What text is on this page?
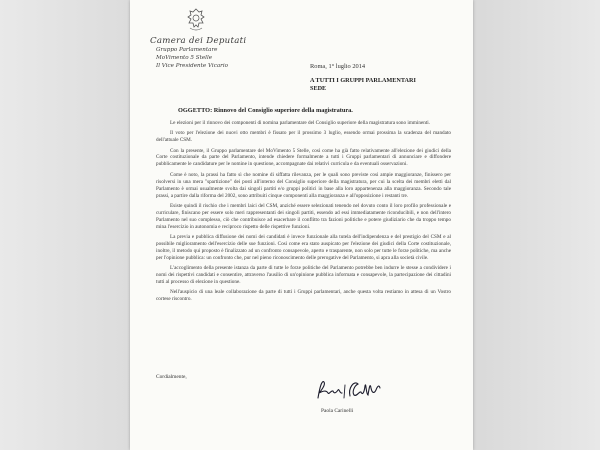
Camera dei Deputati
Gruppo Parlamentare
MoVimento 5 Stelle
Il Vice Presidente Vicario	Roma, 1° luglio 2014
A TUTTI I GRUPPI PARLAMENTARI
SEDE
OGGETTO: Rinnovo del Consiglio superiore della magistratura.

Le elezioni per il rinnovo dei componenti di nomina parlamentare del Consiglio superiore della magistratura sono imminenti.

Il voto per l'elezione dei nuovi otto membri è fissato per il prossimo 3 luglio, essendo ormai prossima la scadenza del mandato dell'attuale CSM.

Con la presente, il Gruppo parlamentare del MoVimento 5 Stelle, così come ha già fatto relativamente all'elezione dei giudici della Corte costituzionale da parte del Parlamento, intende chiedere formalmente a tutti i Gruppi parlamentari di annunciare e diffondere pubblicamente le candidature per le nomine in questione, accompagnate dai relativi curricula e da eventuali osservazioni.

Come è noto, la prassi ha fatto sì che nomine di siffatta rilevanza, per le quali sono previste così ampie maggioranze, finissero per risolversi in una mera "spartizione" dei posti all'interno del Consiglio superiore della magistratura, per cui la scelta dei membri eletti dal Parlamento è ormai usualmente svolta dai singoli partiti e/o gruppi politici in base alla loro appartenenza alla maggioranza. Secondo tale prassi, a partire dalla riforma del 2002, sono attribuiti cinque componenti alla maggioranza e all'opposizione i restanti tre.

Esiste quindi il rischio che i membri laici del CSM, anziché essere selezionati tenendo nel dovuto conto il loro profilo professionale e curriculare, finiscano per essere solo meri rappresentanti dei singoli partiti, essendo ad essi immediatamente riconducibili, e non dell'intero Parlamento nel suo complesso, ciò che contribuisce ad esacerbare il conflitto tra fazioni politiche e potere giudiziario che da troppo tempo mina l'esercizio in autonomia e reciproco rispetto delle rispettive funzioni.

La previa e pubblica diffusione dei nomi dei candidati è invece funzionale alla tutela dell'indipendenza e del prestigio del CSM e al possibile miglioramento dell'esercizio delle sue funzioni. Così come era stato auspicato per l'elezione dei giudici della Corte costituzionale, inoltre, il metodo qui proposto è finalizzato ad un confronto consapevole, aperto e trasparente, non solo per tutte le forze politiche, ma anche per l'opinione pubblica: un confronto che, pur nel pieno riconoscimento delle prerogative del Parlamento, si apra alla società civile.

L'accoglimento della presente istanza da parte di tutte le forze politiche del Parlamento potrebbe ben indurre le stesse a condividere i nomi dei rispettivi candidati e consentire, attraverso l'ausilio di un'opinione pubblica informata e consapevole, la partecipazione dei cittadini tutti al processo di elezione in questione.

Nell'auspicio di una leale collaborazione da parte di tutti i Gruppi parlamentari, anche questa volta restiamo in attesa di un Vostro cortese riscontro.

Cordialmente,
Paola Carinelli
